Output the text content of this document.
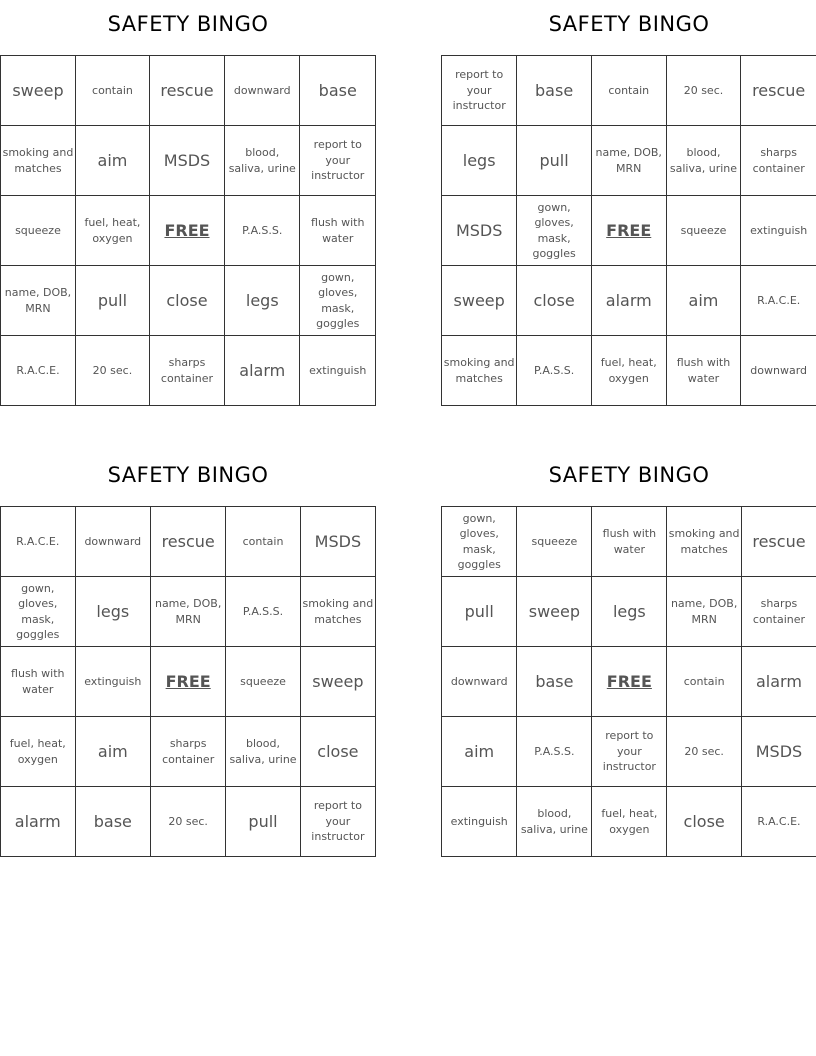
SAFETY BINGO
sweep	contain	rescue	downward	base
smoking and matches	aim	MSDS	blood, saliva, urine	report to your instructor
squeeze	fuel, heat, oxygen	FREE	P.A.S.S.	flush with water
name, DOB, MRN	pull	close	legs	gown, gloves, mask, goggles
R.A.C.E.	20 sec.	sharps container	alarm	extinguish
SAFETY BINGO
report to your instructor	base	contain	20 sec.	rescue
legs	pull	name, DOB, MRN	blood, saliva, urine	sharps container
MSDS	gown, gloves, mask, goggles	FREE	squeeze	extinguish
sweep	close	alarm	aim	R.A.C.E.
smoking and matches	P.A.S.S.	fuel, heat, oxygen	flush with water	downward
SAFETY BINGO
R.A.C.E.	downward	rescue	contain	MSDS
gown, gloves, mask, goggles	legs	name, DOB, MRN	P.A.S.S.	smoking and matches
flush with water	extinguish	FREE	squeeze	sweep
fuel, heat, oxygen	aim	sharps container	blood, saliva, urine	close
alarm	base	20 sec.	pull	report to your instructor
SAFETY BINGO
gown, gloves, mask, goggles	squeeze	flush with water	smoking and matches	rescue
pull	sweep	legs	name, DOB, MRN	sharps container
downward	base	FREE	contain	alarm
aim	P.A.S.S.	report to your instructor	20 sec.	MSDS
extinguish	blood, saliva, urine	fuel, heat, oxygen	close	R.A.C.E.
